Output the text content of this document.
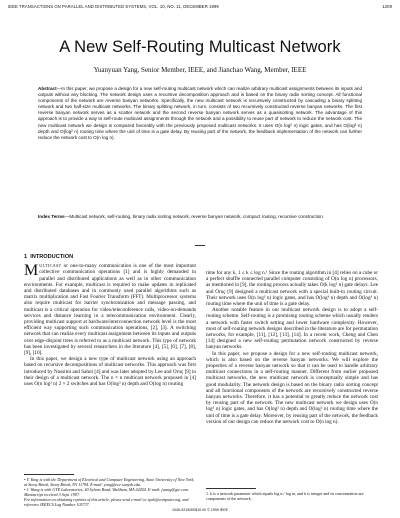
IEEE TRANSACTIONS ON PARALLEL AND DISTRIBUTED SYSTEMS, VOL. 10, NO. 11, DECEMBER 1999	1209
A New Self-Routing Multicast Network
Yuanyuan Yang, Senior Member, IEEE, and Jianchao Wang, Member, IEEE
Abstract—In this paper, we propose a design for a new self-routing multicast network which can realize arbitrary multicast assignments between its inputs and outputs without any blocking. The network design uses a recursive decomposition approach and is based on the binary radix sorting concept. All functional components of the network are reverse banyan networks. Specifically, the new multicast network is recursively constructed by cascading a binary splitting network and two half-size multicast networks. The binary splitting network, in turn, consists of two recursively constructed reverse banyan networks. The first reverse banyan network serves as a scatter network and the second reverse banyan network serves as a quasisorting network. The advantage of this approach is to provide a way to self-route multicast assignments through the network and a possibility to reuse part of network to reduce the network cost. The new multicast network we design is compared favorably with the previously proposed multicast networks. It uses O(n log² n) logic gates, and has O(log² n) depth and O(log² n) routing time where the unit of time is a gate delay. By reusing part of the network, the feedback implementation of the network can further reduce the network cost to O(n log n).
Index Terms—Multicast network, self-routing, binary radix sorting network, reverse banyan network, compact routing, recursive construction.
1 INTRODUCTION
MULTICAST or one-to-many communication is one of the most important collective communication operations [1] and is highly demanded in parallel and distributed applications as well as in other communication environments. For example, multicast is required to make updates in replicated and distributed databases and in commonly used parallel algorithms such as matrix multiplication and Fast Fourier Transform (FFT). Multiprocessor systems also require multicast for barrier synchronization and message passing, and multicast is a critical operation for video/teleconference calls, video-on-demands services and distance learning in a telecommunication environment. Clearly, providing multicast support at hardware/interconnection network level is the most efficient way supporting such communication operations, [2], [3]. A switching network that can realize every multicast assignment between its inputs and outputs over edge-disjoint trees is referred to as a multicast network. This type of network has been investigated by several researchers in the literature [4], [5], [6], [7], [8], [9], [10].

In this paper, we design a new type of multicast network using an approach based on recursive decompositions of multicast networks. This approach was first introduced by Nassimi and Sahni [4] and was later adopted by Lee and Oruç [9] in their design of a multicast network. The n × n multicast network proposed in [4] uses O(n log² n) 2 × 2 switches and has O(log³ n) depth and O(log n) routing

time for any k, 1 ≤ k ≤ log n.¹ Since the routing algorithm in [4] relies on a cube or a perfect shuffle connected parallel computer consisting of O(n log n) processors, as mentioned in [9], the routing process actually takes O(k log² n) gate delays. Lee and Oruç [9] designed a multicast network with a special built-in routing circuit. Their network uses O(n log² n) logic gates, and has O(log³ n) depth and O(log³ n) routing time where the unit of time is a gate delay.

Another notable feature in our multicast network design is to adopt a self-routing scheme. Self-routing is a promising routing scheme which usually renders a network with faster switch setting and lower hardware complexity. However, most of self-routing network designs described in the literature are for permutation networks, for example, [11], [12], [13], [14]. In a recent work, Cheng and Chen [14] designed a new self-routing permutation network constructed by reverse banyan networks.

In this paper, we propose a design for a new self-routing multicast network, which is also based on the reverse banyan networks. We will explore the properties of a reverse banyan network so that it can be used to handle arbitrary multicast connections in a self-routing manner. Different from earlier proposed multicast networks, the new multicast network is conceptually simple and has good modularity. The network design is based on the binary radix sorting concept and all functional components of the network are recursively constructed reverse banyan networks. Therefore, it has a potential to greatly reduce the network cost by reusing part of the network. The new multicast network we design uses O(n log² n) logic gates, and has O(log² n) depth and O(log² n) routing time where the unit of time is a gate delay. Moreover, by reusing part of the network, the feedback version of our design can reduce the network cost to O(n log n).

• Y. Yang is with the Department of Electrical and Computer Engineering, State University of New York, at Stony Brook, Stony Brook, NY 11794. E-mail: yang@ece.sunysb.edu.
• J. Wang is with GTE Laboratories, 40 Sylvan Road, Waltham, MA 02454. E-mail: jwang@gte.com.
Manuscript received 3 Sept. 1997.
For information on obtaining reprints of this article, please send e-mail to: tpds@computer.org, and reference IEEECS Log Number 105737.
1. k is a network parameter which equals log n / log m, and it is integer and its concentration are components of the network.
1045-9219/99/$10.00 © 1999 IEEE
